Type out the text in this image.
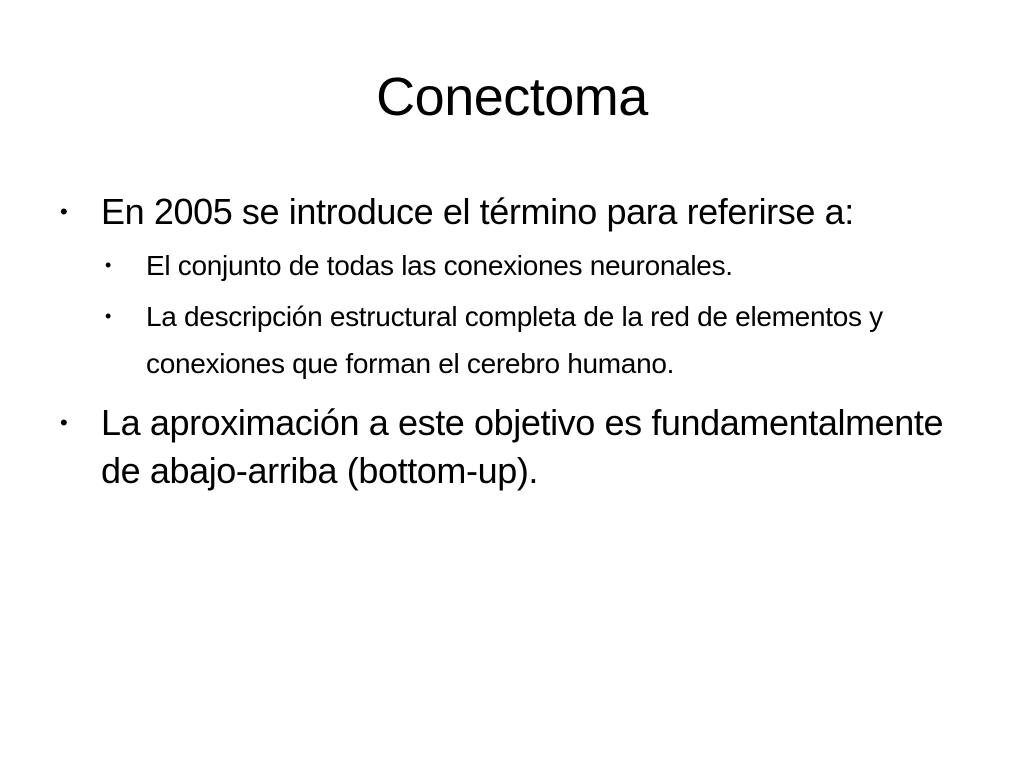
Conectoma
• En 2005 se introduce el término para referirse a:
• El conjunto de todas las conexiones neuronales.
• La descripción estructural completa de la red de elementos y conexiones que forman el cerebro humano.
• La aproximación a este objetivo es fundamentalmente de abajo-arriba (bottom-up).
